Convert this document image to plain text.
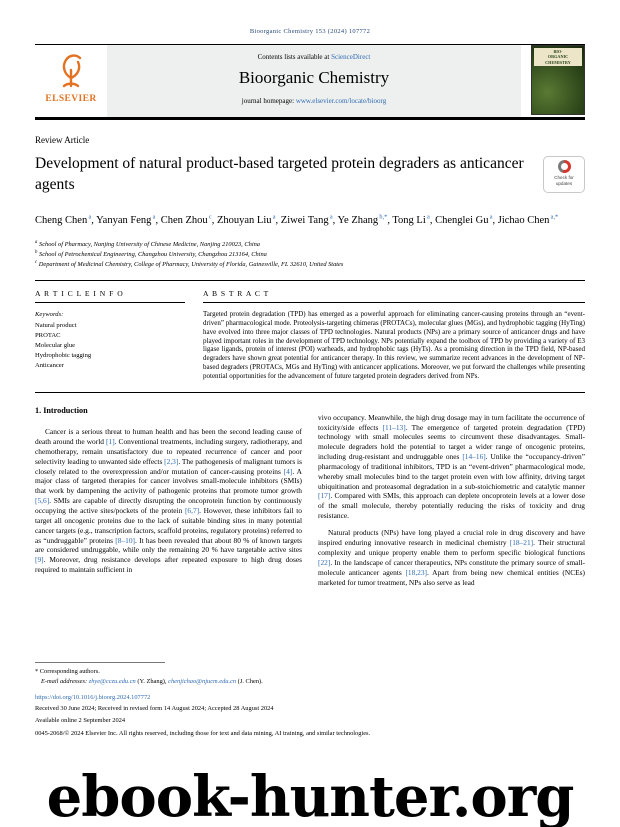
Bioorganic Chemistry 153 (2024) 107772
ELSEVIER
Contents lists available at ScienceDirect
Bioorganic Chemistry
journal homepage: www.elsevier.com/locate/bioorg
BIO-
ORGANIC
CHEMISTRY
Review Article
Development of natural product-based targeted protein degraders as anticancer agents	Check for updates
Cheng Chen $^a$, Yanyan Feng $^a$, Chen Zhou $^c$, Zhouyan Liu $^a$, Ziwei Tang $^a$, Ye Zhang $^{b,*}$, Tong Li $^a$, Chenglei Gu $^a$, Jichao Chen $^{a,*}$
$^a$ School of Pharmacy, Nanjing University of Chinese Medicine, Nanjing 210023, China
$^b$ School of Petrochemical Engineering, Changzhou University, Changzhou 213164, China
$^c$ Department of Medicinal Chemistry, College of Pharmacy, University of Florida, Gainesville, FL 32610, United States
A R T I C L E I N F O
Keywords:
Natural product
PROTAC
Molecular glue
Hydrophobic tagging
Anticancer
A B S T R A C T
Targeted protein degradation (TPD) has emerged as a powerful approach for eliminating cancer-causing proteins through an “event-driven” pharmacological mode. Proteolysis-targeting chimeras (PROTACs), molecular glues (MGs), and hydrophobic tagging (HyTing) have evolved into three major classes of TPD technologies. Natural products (NPs) are a primary source of anticancer drugs and have played important roles in the development of TPD technology. NPs potentially expand the toolbox of TPD by providing a variety of E3 ligase ligands, protein of interest (POI) warheads, and hydrophobic tags (HyTs). As a promising direction in the TPD field, NP-based degraders have shown great potential for anticancer therapy. In this review, we summarize recent advances in the development of NP-based degraders (PROTACs, MGs and HyTing) with anticancer applications. Moreover, we put forward the challenges while presenting potential opportunities for the advancement of future targeted protein degraders derived from NPs.
1. Introduction

Cancer is a serious threat to human health and has been the second leading cause of death around the world [1]. Conventional treatments, including surgery, radiotherapy, and chemotherapy, remain unsatisfactory due to repeated recurrence of cancer and poor selectivity leading to unwanted side effects [2,3]. The pathogenesis of malignant tumors is closely related to the overexpression and/or mutation of cancer-causing proteins [4]. A major class of targeted therapies for cancer involves small-molecule inhibitors (SMIs) that work by dampening the activity of pathogenic proteins that promote tumor growth [5,6]. SMIs are capable of directly disrupting the oncoprotein function by continuously occupying the active sites/pockets of the protein [6,7]. However, these inhibitors fail to target all oncogenic proteins due to the lack of suitable binding sites in many potential cancer targets (e.g., transcription factors, scaffold proteins, regulatory proteins) referred to as “undruggable” proteins [8–10]. It has been revealed that about 80 % of known targets are considered undruggable, while only the remaining 20 % have targetable active sites [9]. Moreover, drug resistance develops after repeated exposure to high drug doses required to maintain sufficient in

vivo occupancy. Meanwhile, the high drug dosage may in turn facilitate the occurrence of toxicity/side effects [11–13]. The emergence of targeted protein degradation (TPD) technology with small molecules seems to circumvent these disadvantages. Small-molecule degraders hold the potential to target a wider range of oncogenic proteins, including drug-resistant and undruggable ones [14–16]. Unlike the “occupancy-driven” pharmacology of traditional inhibitors, TPD is an “event-driven” pharmacological mode, whereby small molecules bind to the target protein even with low affinity, driving target ubiquitination and proteasomal degradation in a sub-stoichiometric and catalytic manner [17]. Compared with SMIs, this approach can deplete oncoprotein levels at a lower dose of the small molecule, thereby potentially reducing the risks of toxicity and drug resistance.

Natural products (NPs) have long played a crucial role in drug discovery and have inspired enduring innovative research in medicinal chemistry [18–21]. Their structural complexity and unique property enable them to perform specific biological functions [22]. In the landscape of cancer therapeutics, NPs constitute the primary source of small-molecule anticancer agents [18,23]. Apart from being new chemical entities (NCEs) marketed for tumor treatment, NPs also serve as lead

* Corresponding authors.
E-mail addresses: zhye@cczu.edu.cn (Y. Zhang), chenjichao@njucm.edu.cn (J. Chen).
https://doi.org/10.1016/j.bioorg.2024.107772
Received 30 June 2024; Received in revised form 14 August 2024; Accepted 28 August 2024
Available online 2 September 2024
0045-2068/© 2024 Elsevier Inc. All rights reserved, including those for text and data mining, AI training, and similar technologies.
ebook-hunter.org
